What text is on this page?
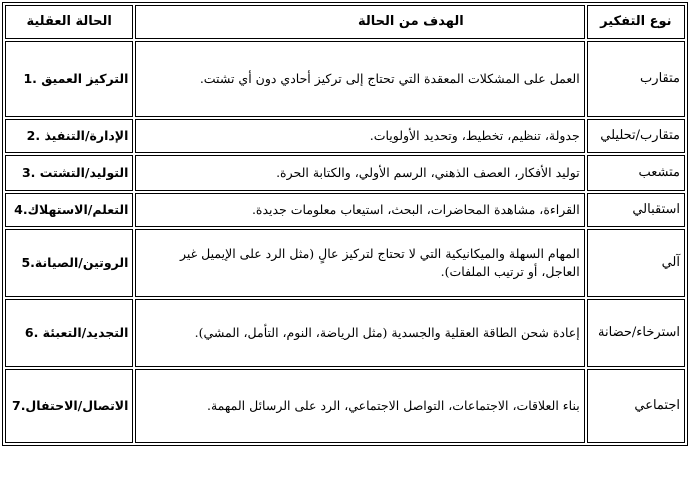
نوع التفكير	الهدف من الحالة	الحالة العقلية
متقارب	العمل على المشكلات المعقدة التي تحتاج إلى تركيز أحادي دون أي تشتت.	التركيز العميق .1
متقارب/تحليلي	جدولة، تنظيم، تخطيط، وتحديد الأولويات.	الإدارة/التنفيذ .2
متشعب	توليد الأفكار، العصف الذهني، الرسم الأولي، والكتابة الحرة.	التوليد/التشتت .3
استقبالي	القراءة، مشاهدة المحاضرات، البحث، استيعاب معلومات جديدة.	التعلم/الاستهلاك.4
آلي	المهام السهلة والميكانيكية التي لا تحتاج لتركيز عالٍ (مثل الرد على الإيميل غير العاجل، أو ترتيب الملفات).	الروتين/الصيانة.5
استرخاء/حضانة	إعادة شحن الطاقة العقلية والجسدية (مثل الرياضة، النوم، التأمل، المشي).	التجديد/التعبئة .6
اجتماعي	بناء العلاقات، الاجتماعات، التواصل الاجتماعي، الرد على الرسائل المهمة.	الاتصال/الاحتفال.7
